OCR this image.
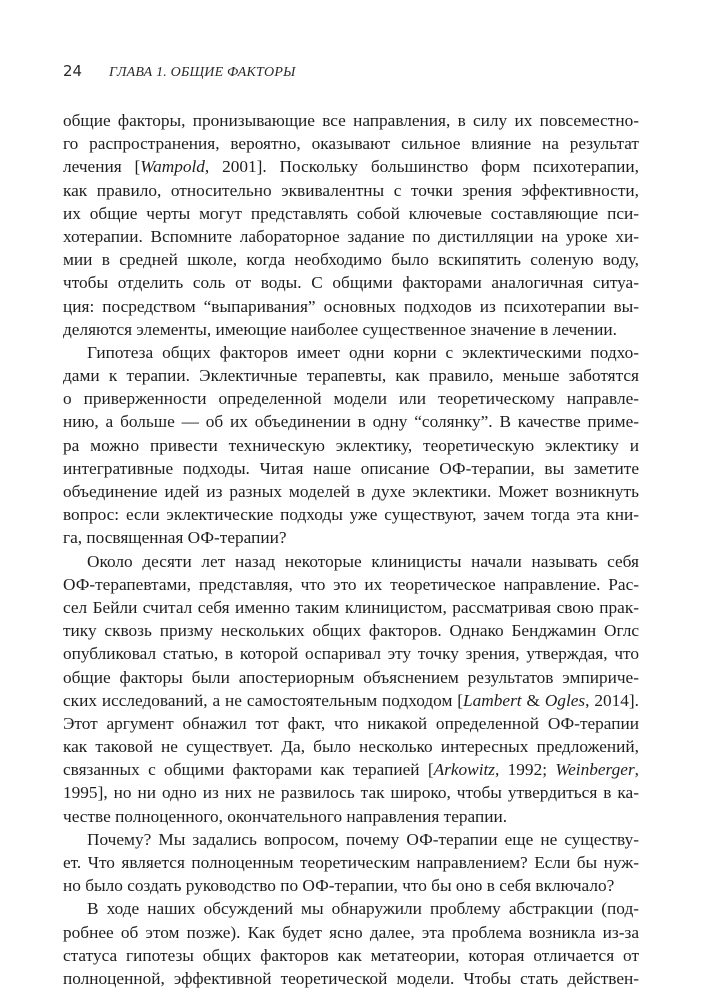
24	ГЛАВА 1. ОБЩИЕ ФАКТОРЫ
общие факторы, пронизывающие все направления, в силу их повсеместно-
го распространения, вероятно, оказывают сильное влияние на результат
лечения [Wampold, 2001]. Поскольку большинство форм психотерапии,
как правило, относительно эквивалентны с точки зрения эффективности,
их общие черты могут представлять собой ключевые составляющие пси-
хотерапии. Вспомните лабораторное задание по дистилляции на уроке хи-
мии в средней школе, когда необходимо было вскипятить соленую воду,
чтобы отделить соль от воды. С общими факторами аналогичная ситуа-
ция: посредством “выпаривания” основных подходов из психотерапии вы-
деляются элементы, имеющие наиболее существенное значение в лечении.
Гипотеза общих факторов имеет одни корни с эклектическими подхо-
дами к терапии. Эклектичные терапевты, как правило, меньше заботятся
о приверженности определенной модели или теоретическому направле-
нию, а больше — об их объединении в одну “солянку”. В качестве приме-
ра можно привести техническую эклектику, теоретическую эклектику и
интегративные подходы. Читая наше описание ОФ-терапии, вы заметите
объединение идей из разных моделей в духе эклектики. Может возникнуть
вопрос: если эклектические подходы уже существуют, зачем тогда эта кни-
га, посвященная ОФ-терапии?
Около десяти лет назад некоторые клиницисты начали называть себя
ОФ-терапевтами, представляя, что это их теоретическое направление. Рас-
сел Бейли считал себя именно таким клиницистом, рассматривая свою прак-
тику сквозь призму нескольких общих факторов. Однако Бенджамин Оглс
опубликовал статью, в которой оспаривал эту точку зрения, утверждая, что
общие факторы были апостериорным объяснением результатов эмпириче-
ских исследований, а не самостоятельным подходом [Lambert & Ogles, 2014].
Этот аргумент обнажил тот факт, что никакой определенной ОФ-терапии
как таковой не существует. Да, было несколько интересных предложений,
связанных с общими факторами как терапией [Arkowitz, 1992; Weinberger,
1995], но ни одно из них не развилось так широко, чтобы утвердиться в ка-
честве полноценного, окончательного направления терапии.
Почему? Мы задались вопросом, почему ОФ-терапии еще не существу-
ет. Что является полноценным теоретическим направлением? Если бы нуж-
но было создать руководство по ОФ-терапии, что бы оно в себя включало?
В ходе наших обсуждений мы обнаружили проблему абстракции (под-
робнее об этом позже). Как будет ясно далее, эта проблема возникла из-за
статуса гипотезы общих факторов как метатеории, которая отличается от
полноценной, эффективной теоретической модели. Чтобы стать действен-
